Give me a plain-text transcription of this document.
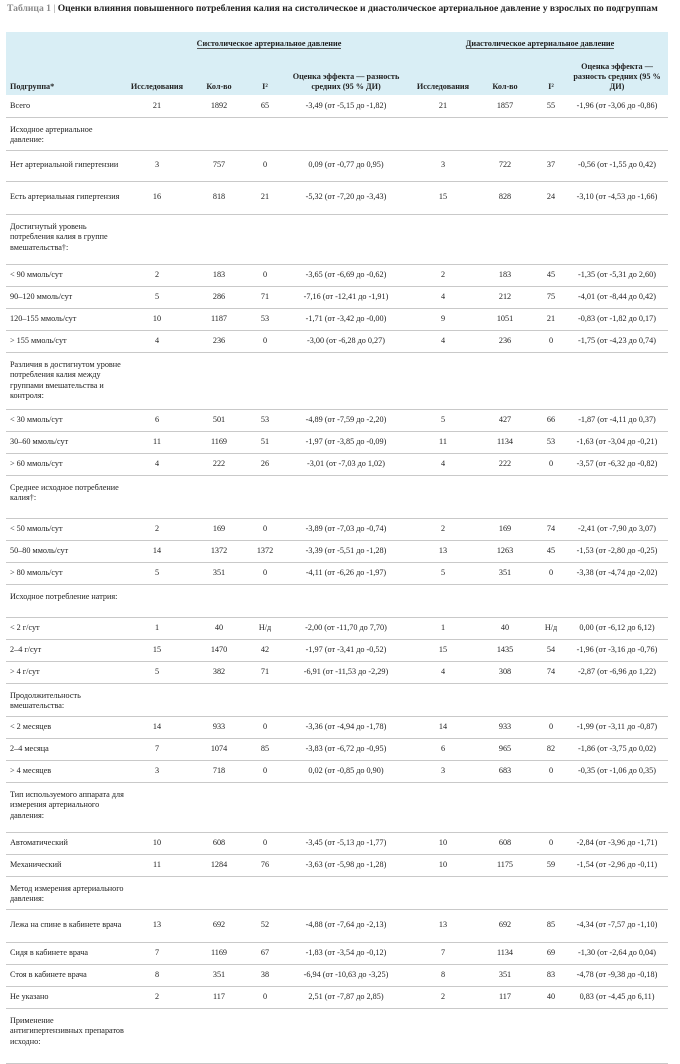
Таблица 1 | Оценки влияния повышенного потребления калия на систолическое и диастолическое артериальное давление у взрослых по подгруппам
	Систолическое артериальное давление				Диастолическое артериальное давление			
Подгруппа*	Исследования	Кол-во	I²	Оценка эффекта — разность средних (95 % ДИ)	Исследования	Кол-во	I²	Оценка эффекта — разность средних (95 % ДИ)
Всего	21	1892	65	-3,49 (от -5,15 до -1,82)	21	1857	55	-1,96 (от -3,06 до -0,86)
Исходное артериальное давление:								
Нет артериальной гипертензии	3	757	0	0,09 (от -0,77 до 0,95)	3	722	37	-0,56 (от -1,55 до 0,42)
Есть артериальная гипертензия	16	818	21	-5,32 (от -7,20 до -3,43)	15	828	24	-3,10 (от -4,53 до -1,66)
Достигнутый уровень потребления калия в группе вмешательства†:								
< 90 ммоль/сут	2	183	0	-3,65 (от -6,69 до -0,62)	2	183	45	-1,35 (от -5,31 до 2,60)
90–120 ммоль/сут	5	286	71	-7,16 (от -12,41 до -1,91)	4	212	75	-4,01 (от -8,44 до 0,42)
120–155 ммоль/сут	10	1187	53	-1,71 (от -3,42 до -0,00)	9	1051	21	-0,83 (от -1,82 до 0,17)
> 155 ммоль/сут	4	236	0	-3,00 (от -6,28 до 0,27)	4	236	0	-1,75 (от -4,23 до 0,74)
Различия в достигнутом уровне потребления калия между группами вмешательства и контроля:								
< 30 ммоль/сут	6	501	53	-4,89 (от -7,59 до -2,20)	5	427	66	-1,87 (от -4,11 до 0,37)
30–60 ммоль/сут	11	1169	51	-1,97 (от -3,85 до -0,09)	11	1134	53	-1,63 (от -3,04 до -0,21)
> 60 ммоль/сут	4	222	26	-3,01 (от -7,03 до 1,02)	4	222	0	-3,57 (от -6,32 до -0,82)
Среднее исходное потребление калия†:								
< 50 ммоль/сут	2	169	0	-3,89 (от -7,03 до -0,74)	2	169	74	-2,41 (от -7,90 до 3,07)
50–80 ммоль/сут	14	1372	1372	-3,39 (от -5,51 до -1,28)	13	1263	45	-1,53 (от -2,80 до -0,25)
> 80 ммоль/сут	5	351	0	-4,11 (от -6,26 до -1,97)	5	351	0	-3,38 (от -4,74 до -2,02)
Исходное потребление натрия:								
< 2 г/сут	1	40	Н/д	-2,00 (от -11,70 до 7,70)	1	40	Н/д	0,00 (от -6,12 до 6,12)
2–4 г/сут	15	1470	42	-1,97 (от -3,41 до -0,52)	15	1435	54	-1,96 (от -3,16 до -0,76)
> 4 г/сут	5	382	71	-6,91 (от -11,53 до -2,29)	4	308	74	-2,87 (от -6,96 до 1,22)
Продолжительность вмешательства:								
< 2 месяцев	14	933	0	-3,36 (от -4,94 до -1,78)	14	933	0	-1,99 (от -3,11 до -0,87)
2–4 месяца	7	1074	85	-3,83 (от -6,72 до -0,95)	6	965	82	-1,86 (от -3,75 до 0,02)
> 4 месяцев	3	718	0	0,02 (от -0,85 до 0,90)	3	683	0	-0,35 (от -1,06 до 0,35)
Тип используемого аппарата для измерения артериального давления:								
Автоматический	10	608	0	-3,45 (от -5,13 до -1,77)	10	608	0	-2,84 (от -3,96 до -1,71)
Механический	11	1284	76	-3,63 (от -5,98 до -1,28)	10	1175	59	-1,54 (от -2,96 до -0,11)
Метод измерения артериального давления:								
Лежа на спине в кабинете врача	13	692	52	-4,88 (от -7,64 до -2,13)	13	692	85	-4,34 (от -7,57 до -1,10)
Сидя в кабинете врача	7	1169	67	-1,83 (от -3,54 до -0,12)	7	1134	69	-1,30 (от -2,64 до 0,04)
Стоя в кабинете врача	8	351	38	-6,94 (от -10,63 до -3,25)	8	351	83	-4,78 (от -9,38 до -0,18)
Не указано	2	117	0	2,51 (от -7,87 до 2,85)	2	117	40	0,83 (от -4,45 до 6,11)
Применение антигипертензивных препаратов исходно:								
